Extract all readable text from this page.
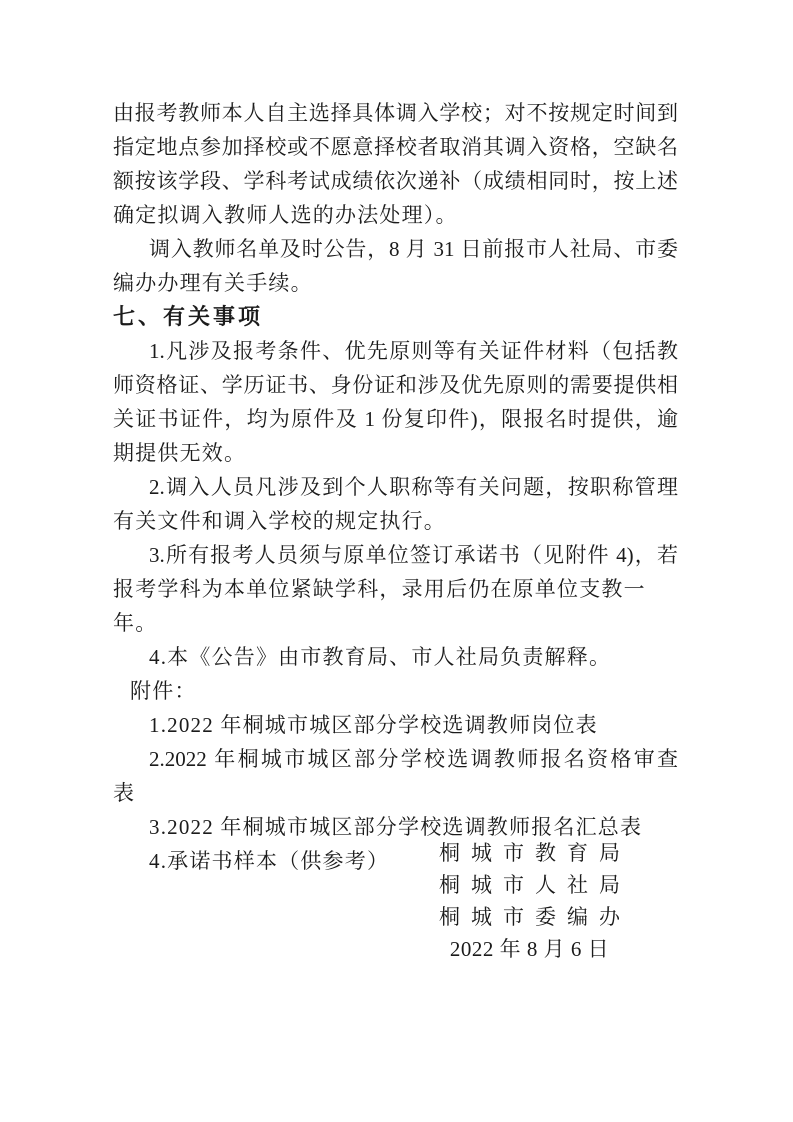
由报考教师本人自主选择具体调入学校；对不按规定时间到
指定地点参加择校或不愿意择校者取消其调入资格，空缺名
额按该学段、学科考试成绩依次递补（成绩相同时，按上述
确定拟调入教师人选的办法处理）。
调入教师名单及时公告，8 月 31 日前报市人社局、市委
编办办理有关手续。
七、有关事项
1.凡涉及报考条件、优先原则等有关证件材料（包括教
师资格证、学历证书、身份证和涉及优先原则的需要提供相
关证书证件，均为原件及 1 份复印件)，限报名时提供，逾
期提供无效。
2.调入人员凡涉及到个人职称等有关问题，按职称管理
有关文件和调入学校的规定执行。
3.所有报考人员须与原单位签订承诺书（见附件 4)，若
报考学科为本单位紧缺学科，录用后仍在原单位支教一年。
4.本《公告》由市教育局、市人社局负责解释。
附件：
1.2022 年桐城市城区部分学校选调教师岗位表
2.2022 年桐城市城区部分学校选调教师报名资格审查
表
3.2022 年桐城市城区部分学校选调教师报名汇总表
4.承诺书样本（供参考）	桐城市教育局
桐城市人社局
桐城市委编办
2022 年 8 月 6 日
